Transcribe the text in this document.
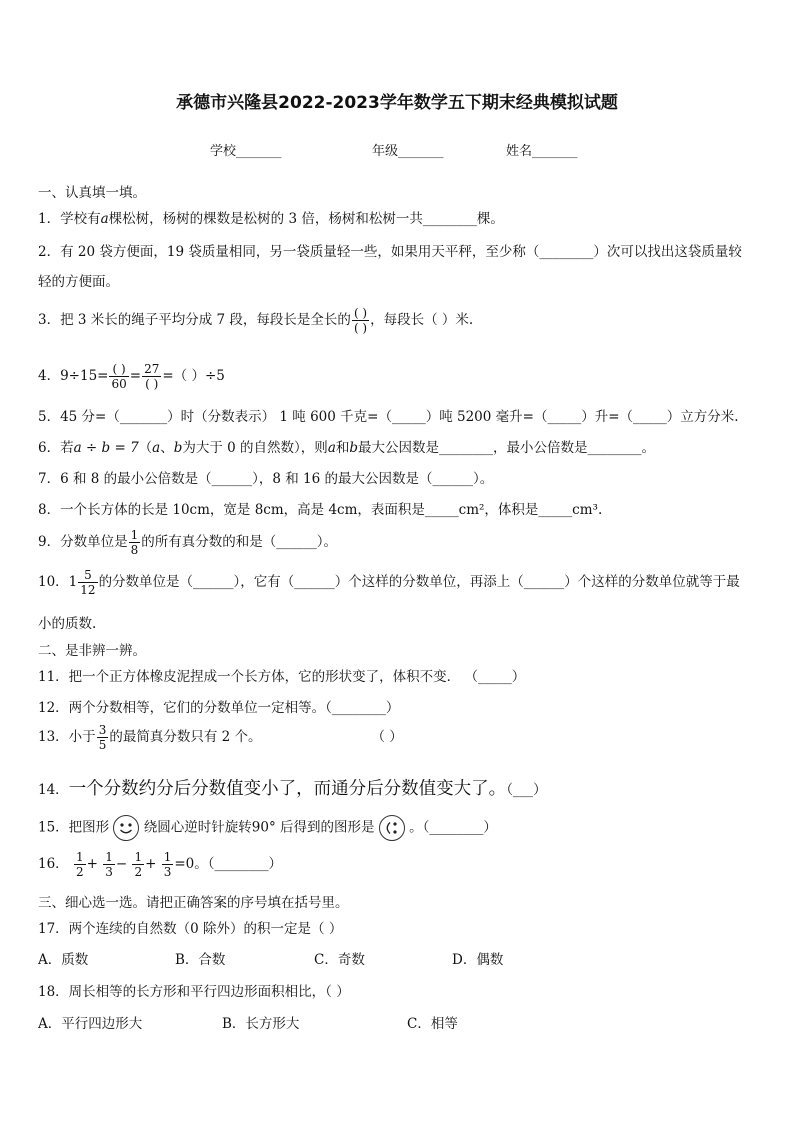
承德市兴隆县2022-2023学年数学五下期末经典模拟试题
学校_______	年级_______	姓名_______
一、认真填一填。
1．学校有a棵松树，杨树的棵数是松树的 3 倍，杨树和松树一共________棵。
2．有 20 袋方便面，19 袋质量相同，另一袋质量轻一些，如果用天平秤，至少称（________）次可以找出这袋质量较
轻的方便面。
3．把 3 米长的绳子平均分成 7 段，每段长是全长的 $\frac{( )}{( )}$ ，每段长（ ）米.
4．$9\div 15= \frac{( )}{60} = \frac{27}{( )}$ =（ ）÷5
5．45 分=（_______）时（分数表示） 1 吨 600 千克=（_____）吨 5200 毫升=（_____）升=（_____）立方分米.
6．若a ÷ b = 7（a、b为大于 0 的自然数），则a和b最大公因数是________，最小公倍数是________。
7．6 和 8 的最小公倍数是（______），8 和 16 的最大公因数是（______）。
8．一个长方体的长是 10cm，宽是 8cm，高是 4cm，表面积是_____cm²，体积是_____cm³.
9．分数单位是 $\frac{1}{8}$ 的所有真分数的和是（______）。
10．$1 \frac{5}{12}$ 的分数单位是（______），它有（______）个这样的分数单位，再添上（______）个这样的分数单位就等于最
小的质数.
二、是非辨一辨。
11．把一个正方体橡皮泥捏成一个长方体，它的形状变了，体积不变． （_____）
12．两个分数相等，它们的分数单位一定相等。（________）
13．小于 $\frac{3}{5}$ 的最简真分数只有 2 个。	（ ）
14．一个分数约分后分数值变小了，而通分后分数值变大了。（___）
15．把图形	绕圆心逆时针旋转90° 后得到的图形是	。（________）
16． $\frac{1}{2} + \frac{1}{3} - \frac{1}{2} + \frac{1}{3} =0$。（________）
三、细心选一选。请把正确答案的序号填在括号里。
17．两个连续的自然数（0 除外）的积一定是（ ）
A．质数	B．合数	C．奇数	D．偶数
18．周长相等的长方形和平行四边形面积相比，（ ）
A．平行四边形大	B．长方形大	C．相等
